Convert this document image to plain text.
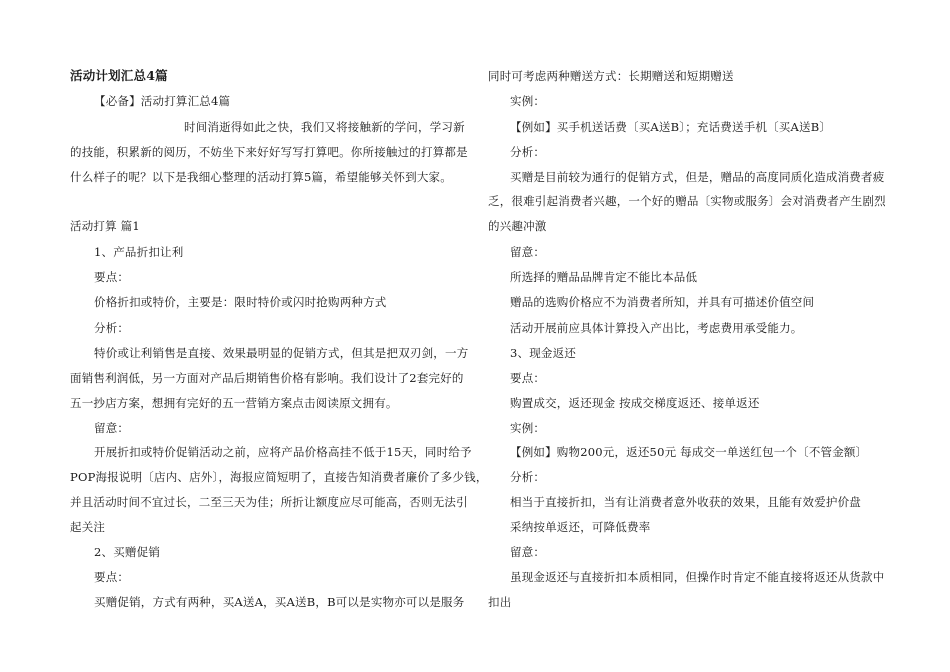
活动计划汇总4篇
【必备】活动打算汇总4篇
时间消逝得如此之快，我们又将接触新的学问，学习新
的技能，积累新的阅历，不妨坐下来好好写写打算吧。你所接触过的打算都是
什么样子的呢？以下是我细心整理的活动打算5篇，希望能够关怀到大家。
活动打算 篇1
1、产品折扣让利
要点：
价格折扣或特价，主要是：限时特价或闪时抢购两种方式
分析：
特价或让利销售是直接、效果最明显的促销方式，但其是把双刃剑，一方
面销售利润低，另一方面对产品后期销售价格有影响。我们设计了2套完好的
五一抄店方案，想拥有完好的五一营销方案点击阅读原文拥有。
留意：
开展折扣或特价促销活动之前，应将产品价格高挂不低于15天，同时给予
POP海报说明〔店内、店外〕，海报应简短明了，直接告知消费者廉价了多少钱，
并且活动时间不宜过长，二至三天为佳；所折让额度应尽可能高，否则无法引
起关注
2、买赠促销
要点：
买赠促销，方式有两种，买A送A，买A送B，B可以是实物亦可以是服务
同时可考虑两种赠送方式：长期赠送和短期赠送
实例：
【例如】买手机送话费〔买A送B〕；充话费送手机〔买A送B〕
分析：
买赠是目前较为通行的促销方式，但是，赠品的高度同质化造成消费者疲
乏，很难引起消费者兴趣，一个好的赠品〔实物或服务〕会对消费者产生剧烈
的兴趣冲激
留意：
所选择的赠品品牌肯定不能比本品低
赠品的选购价格应不为消费者所知，并具有可描述价值空间
活动开展前应具体计算投入产出比，考虑费用承受能力。
3、现金返还
要点：
购置成交，返还现金 按成交梯度返还、接单返还
实例：
【例如】购物200元，返还50元 每成交一单送红包一个〔不管金额〕
分析：
相当于直接折扣，当有让消费者意外收获的效果，且能有效爱护价盘
采纳按单返还，可降低费率
留意：
虽现金返还与直接折扣本质相同，但操作时肯定不能直接将返还从货款中
扣出
